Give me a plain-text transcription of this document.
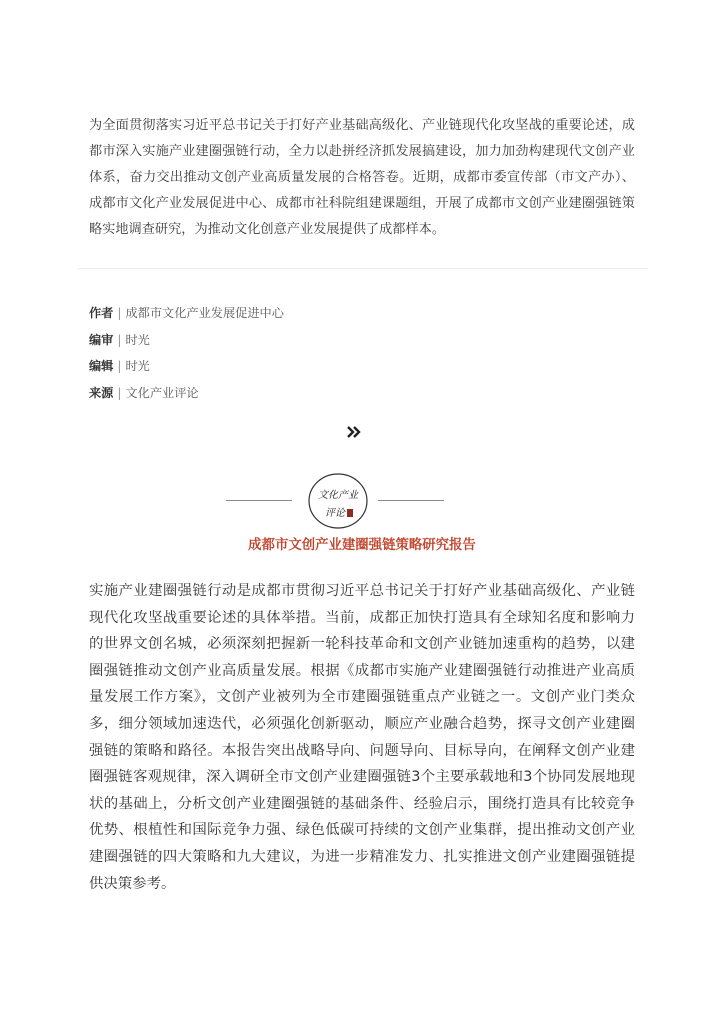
为全面贯彻落实习近平总书记关于打好产业基础高级化、产业链现代化攻坚战的重要论述，成都市深入实施产业建圈强链行动，全力以赴拼经济抓发展搞建设，加力加劲构建现代文创产业体系，奋力交出推动文创产业高质量发展的合格答卷。近期，成都市委宣传部（市文产办）、成都市文化产业发展促进中心、成都市社科院组建课题组，开展了成都市文创产业建圈强链策略实地调查研究，为推动文化创意产业发展提供了成都样本。

作者 | 成都市文化产业发展促进中心
编审 | 时光
编辑 | 时光
来源 | 文化产业评论
文化产业
评论

成都市文创产业建圈强链策略研究报告

实施产业建圈强链行动是成都市贯彻习近平总书记关于打好产业基础高级化、产业链现代化攻坚战重要论述的具体举措。当前，成都正加快打造具有全球知名度和影响力的世界文创名城，必须深刻把握新一轮科技革命和文创产业链加速重构的趋势，以建圈强链推动文创产业高质量发展。根据《成都市实施产业建圈强链行动推进产业高质量发展工作方案》，文创产业被列为全市建圈强链重点产业链之一。文创产业门类众多，细分领域加速迭代，必须强化创新驱动，顺应产业融合趋势，探寻文创产业建圈强链的策略和路径。本报告突出战略导向、问题导向、目标导向，在阐释文创产业建圈强链客观规律，深入调研全市文创产业建圈强链3个主要承载地和3个协同发展地现状的基础上，分析文创产业建圈强链的基础条件、经验启示，围绕打造具有比较竞争优势、根植性和国际竞争力强、绿色低碳可持续的文创产业集群，提出推动文创产业建圈强链的四大策略和九大建议，为进一步精准发力、扎实推进文创产业建圈强链提供决策参考。
